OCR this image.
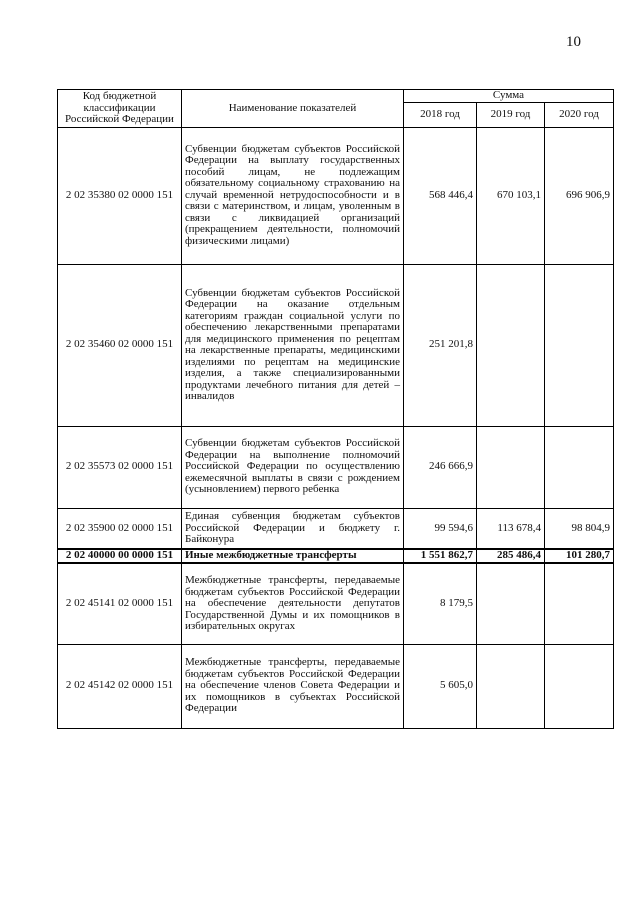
10
Код бюджетной классификации Российской Федерации	Наименование показателей	Сумма		
		2018 год	2019 год	2020 год
2 02 35380 02 0000 151	Субвенции бюджетам субъектов Российской Федерации на выплату государственных пособий лицам, не подлежащим обязательному социальному страхованию на случай временной нетрудоспособности и в связи с материнством, и лицам, уволенным в связи с ликвидацией организаций (прекращением деятельности, полномочий физическими лицами)	568 446,4	670 103,1	696 906,9
2 02 35460 02 0000 151	Субвенции бюджетам субъектов Российской Федерации на оказание отдельным категориям граждан социальной услуги по обеспечению лекарственными препаратами для медицинского применения по рецептам на лекарственные препараты, медицинскими изделиями по рецептам на медицинские изделия, а также специализированными продуктами лечебного питания для детей – инвалидов	251 201,8		
2 02 35573 02 0000 151	Субвенции бюджетам субъектов Российской Федерации на выполнение полномочий Российской Федерации по осуществлению ежемесячной выплаты в связи с рождением (усыновлением) первого ребенка	246 666,9		
2 02 35900 02 0000 151	Единая субвенция бюджетам субъектов Российской Федерации и бюджету г. Байконура	99 594,6	113 678,4	98 804,9
2 02 40000 00 0000 151	Иные межбюджетные трансферты	1 551 862,7	285 486,4	101 280,7
2 02 45141 02 0000 151	Межбюджетные трансферты, передаваемые бюджетам субъектов Российской Федерации на обеспечение деятельности депутатов Государственной Думы и их помощников в избирательных округах	8 179,5		
2 02 45142 02 0000 151	Межбюджетные трансферты, передаваемые бюджетам субъектов Российской Федерации на обеспечение членов Совета Федерации и их помощников в субъектах Российской Федерации	5 605,0		
